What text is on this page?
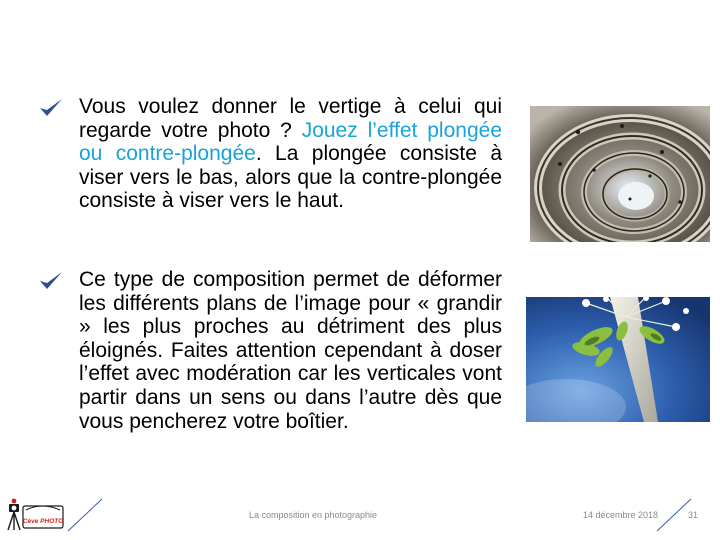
Vous voulez donner le vertige à celui qui regarde votre photo ? Jouez l’effet plongée ou contre-plongée. La plongée consiste à viser vers le bas, alors que la contre-plongée consiste à viser vers le haut.
Ce type de composition permet de déformer les différents plans de l’image pour « grandir » les plus proches au détriment des plus éloignés. Faites attention cependant à doser l’effet avec modération car les verticales vont partir dans un sens ou dans l’autre dès que vous pencherez votre boîtier.
Cève PHOTO
La composition en photographie	14 décembre 2018	31
